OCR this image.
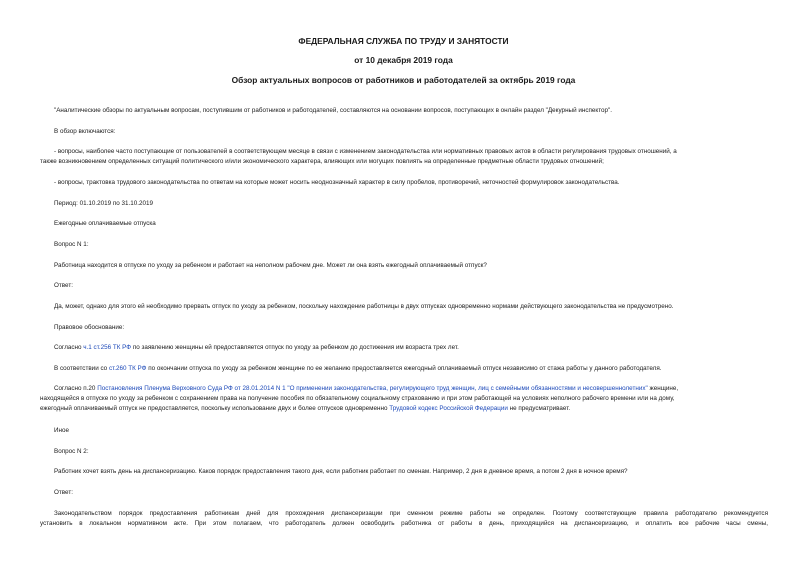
ФЕДЕРАЛЬНАЯ СЛУЖБА ПО ТРУДУ И ЗАНЯТОСТИ
от 10 декабря 2019 года
Обзор актуальных вопросов от работников и работодателей за октябрь 2019 года
"Аналитические обзоры по актуальным вопросам, поступившим от работников и работодателей, составляются на основании вопросов, поступающих в онлайн раздел "Декурный инспектор".
В обзор включаются:
- вопросы, наиболее часто поступающие от пользователей в соответствующем месяце в связи с изменением законодательства или нормативных правовых актов в области регулирования трудовых отношений, а
также возникновением определенных ситуаций политического и/или экономического характера, влияющих или могущих повлиять на определенные предметные области трудовых отношений;
- вопросы, трактовка трудового законодательства по ответам на которые может носить неоднозначный характер в силу пробелов, противоречий, неточностей формулировок законодательства.
Период: 01.10.2019 по 31.10.2019
Ежегодные оплачиваемые отпуска
Вопрос N 1:
Работница находится в отпуске по уходу за ребенком и работает на неполном рабочем дне. Может ли она взять ежегодный оплачиваемый отпуск?
Ответ:
Да, может, однако для этого ей необходимо прервать отпуск по уходу за ребенком, поскольку нахождение работницы в двух отпусках одновременно нормами действующего законодательства не предусмотрено.
Правовое обоснование:
Согласно ч.1 ст.256 ТК РФ по заявлению женщины ей предоставляется отпуск по уходу за ребенком до достижения им возраста трех лет.
В соответствии со ст.260 ТК РФ по окончании отпуска по уходу за ребенком женщине по ее желанию предоставляется ежегодный оплачиваемый отпуск независимо от стажа работы у данного работодателя.
Согласно п.20 Постановления Пленума Верховного Суда РФ от 28.01.2014 N 1 "О применении законодательства, регулирующего труд женщин, лиц с семейными обязанностями и несовершеннолетних" женщине,
находящейся в отпуске по уходу за ребенком с сохранением права на получение пособия по обязательному социальному страхованию и при этом работающей на условиях неполного рабочего времени или на дому,
ежегодный оплачиваемый отпуск не предоставляется, поскольку использование двух и более отпусков одновременно Трудовой кодекс Российской Федерации не предусматривает.
Иное
Вопрос N 2:
Работник хочет взять день на диспансеризацию. Каков порядок предоставления такого дня, если работник работает по сменам. Например, 2 дня в дневное время, а потом 2 дня в ночное время?
Ответ:
Законодательством порядок предоставления работникам дней для прохождения диспансеризации при сменном режиме работы не определен. Поэтому соответствующие правила работодателю рекомендуется
установить в локальном нормативном акте. При этом полагаем, что работодатель должен освободить работника от работы в день, приходящийся на диспансеризацию, и оплатить все рабочие часы смены,
